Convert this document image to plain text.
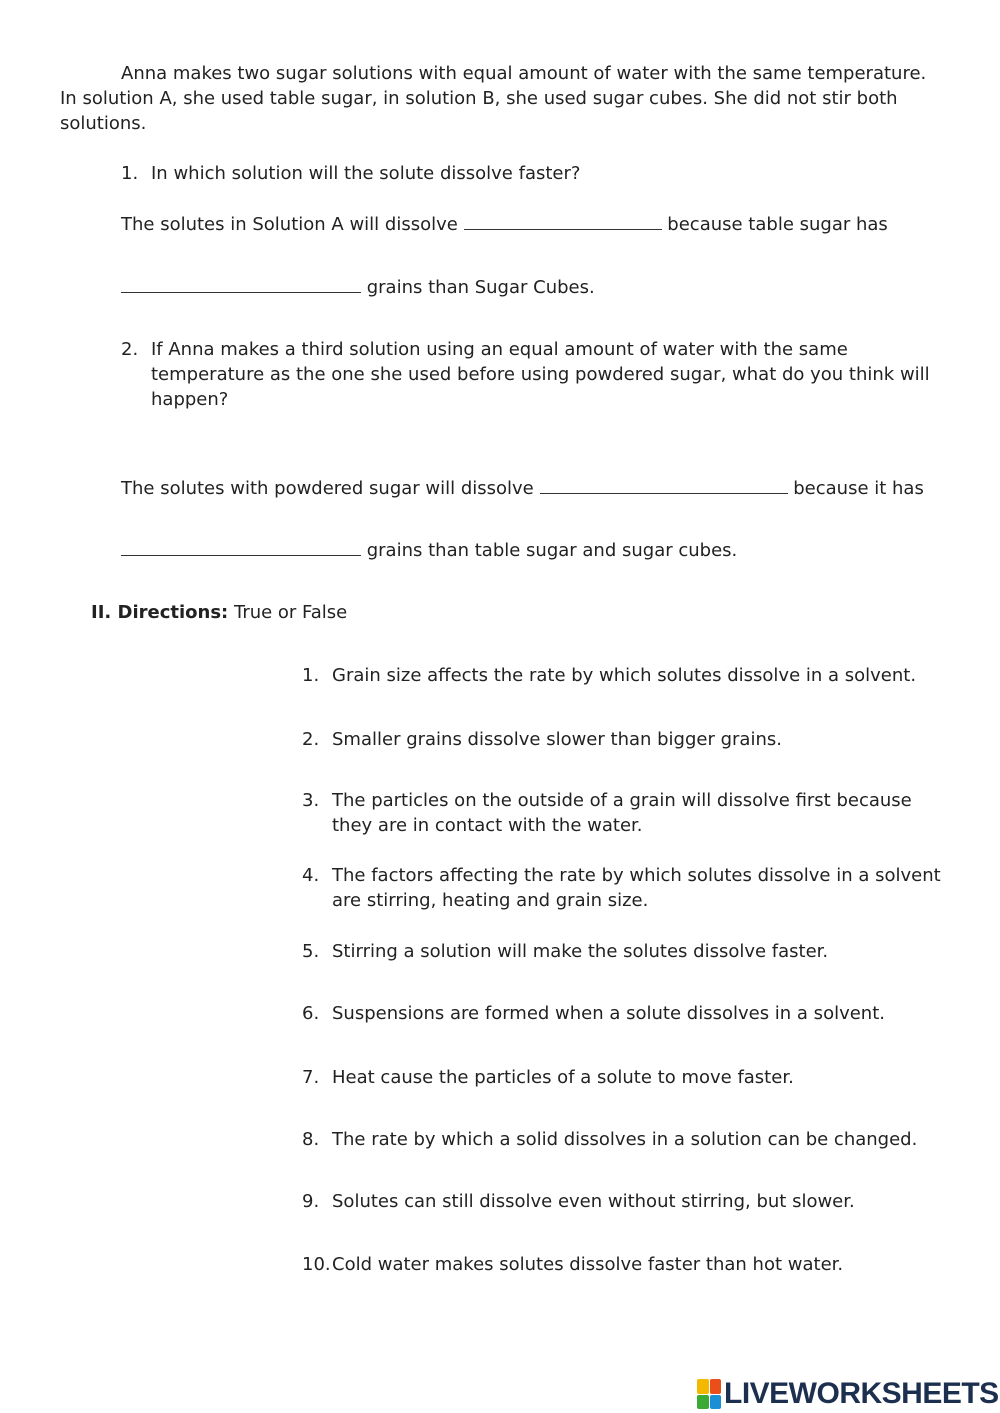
Anna makes two sugar solutions with equal amount of water with the same temperature.
In solution A, she used table sugar, in solution B, she used sugar cubes. She did not stir both
solutions.
1. In which solution will the solute dissolve faster?
The solutes in Solution A will dissolve	because table sugar has
grains than Sugar Cubes.
2. If Anna makes a third solution using an equal amount of water with the same
temperature as the one she used before using powdered sugar, what do you think will
happen?
The solutes with powdered sugar will dissolve	because it has
grains than table sugar and sugar cubes.
II. Directions: True or False
1. Grain size affects the rate by which solutes dissolve in a solvent.
2. Smaller grains dissolve slower than bigger grains.
3. The particles on the outside of a grain will dissolve first because
they are in contact with the water.
4. The factors affecting the rate by which solutes dissolve in a solvent
are stirring, heating and grain size.
5. Stirring a solution will make the solutes dissolve faster.
6. Suspensions are formed when a solute dissolves in a solvent.
7. Heat cause the particles of a solute to move faster.
8. The rate by which a solid dissolves in a solution can be changed.
9. Solutes can still dissolve even without stirring, but slower.
10.Cold water makes solutes dissolve faster than hot water.
LIVEWORKSHEETS
